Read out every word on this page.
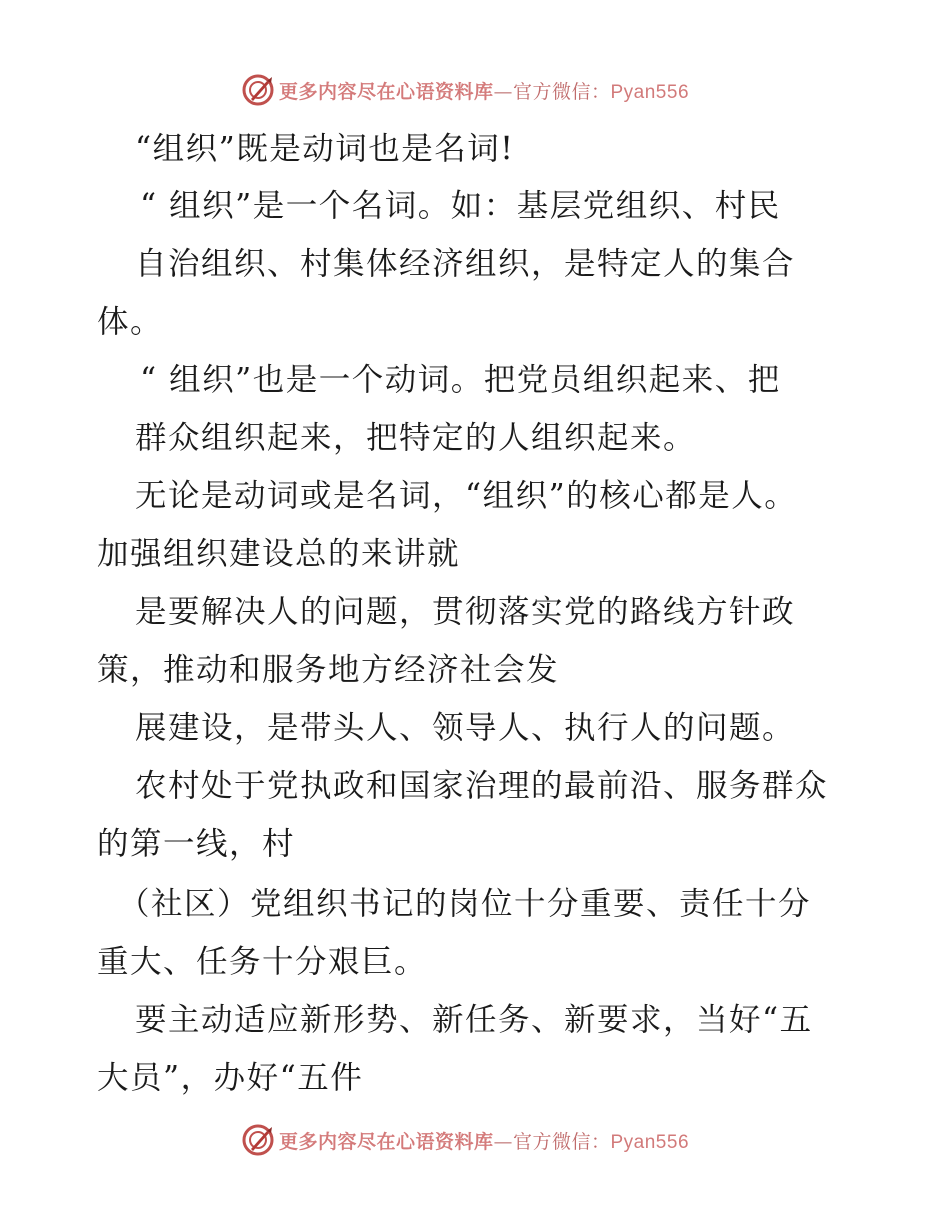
更多内容尽在心语资料库—官方微信：Pyan556
“组织”既是动词也是名词!
“ 组织”是一个名词。如：基层党组织、村民
自治组织、村集体经济组织，是特定人的集合
体。
“ 组织”也是一个动词。把党员组织起来、把
群众组织起来，把特定的人组织起来。
无论是动词或是名词，“组织”的核心都是人。
加强组织建设总的来讲就
是要解决人的问题，贯彻落实党的路线方针政
策，推动和服务地方经济社会发
展建设，是带头人、领导人、执行人的问题。
农村处于党执政和国家治理的最前沿、服务群众
的第一线，村
（社区）党组织书记的岗位十分重要、责任十分
重大、任务十分艰巨。
要主动适应新形势、新任务、新要求，当好“五
大员”，办好“五件
更多内容尽在心语资料库—官方微信：Pyan556
